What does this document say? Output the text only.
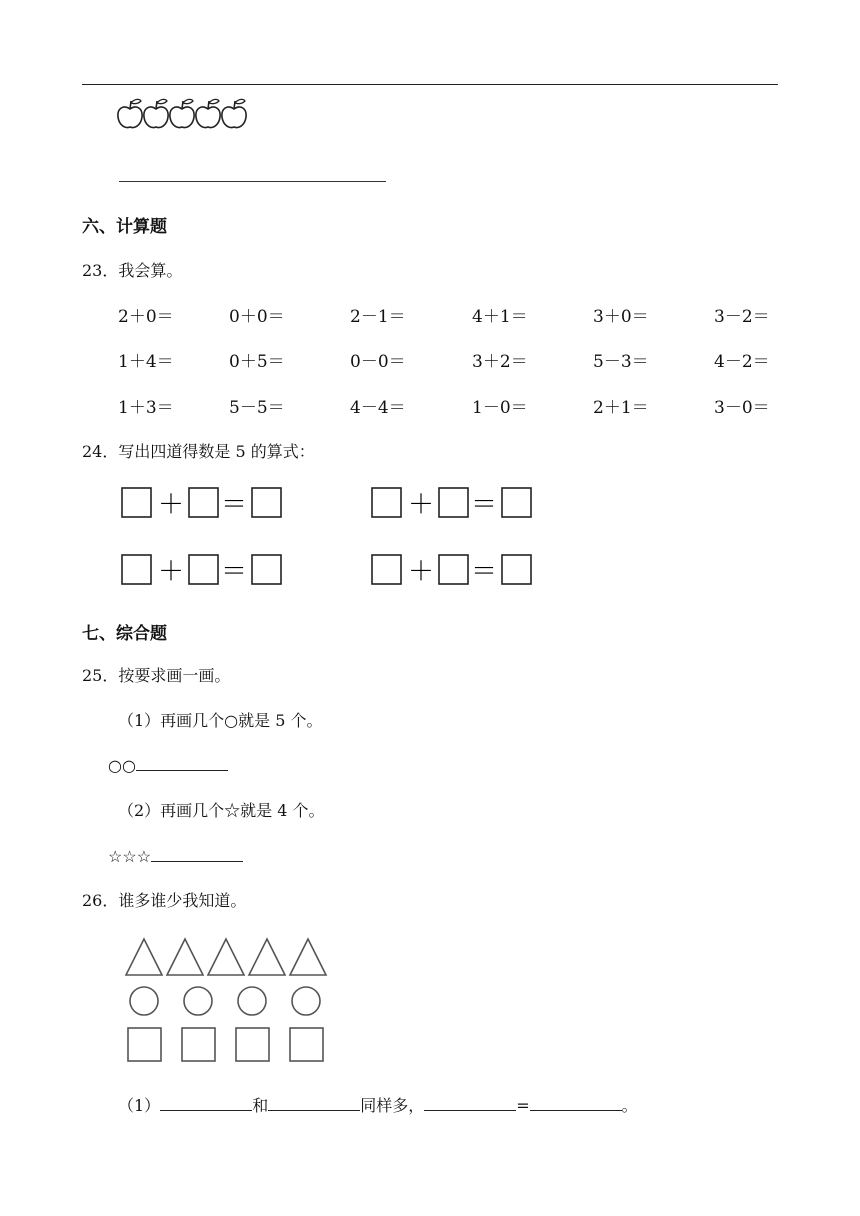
六、计算题
23．我会算。
2＋0＝	0＋0＝	2－1＝	4＋1＝	3＋0＝	3－2＝
1＋4＝	0＋5＝	0－0＝	3＋2＝	5－3＝	4－2＝
1＋3＝	5－5＝	4－4＝	1－0＝	2＋1＝	3－0＝
24．写出四道得数是 5 的算式：
＋ ＝	＋ ＝
＋ ＝	＋ ＝
七、综合题
25．按要求画一画。
（1）再画几个○就是 5 个。
○○
（2）再画几个☆就是 4 个。
☆☆☆
26．谁多谁少我知道。
（1）	和	同样多，	=	。
